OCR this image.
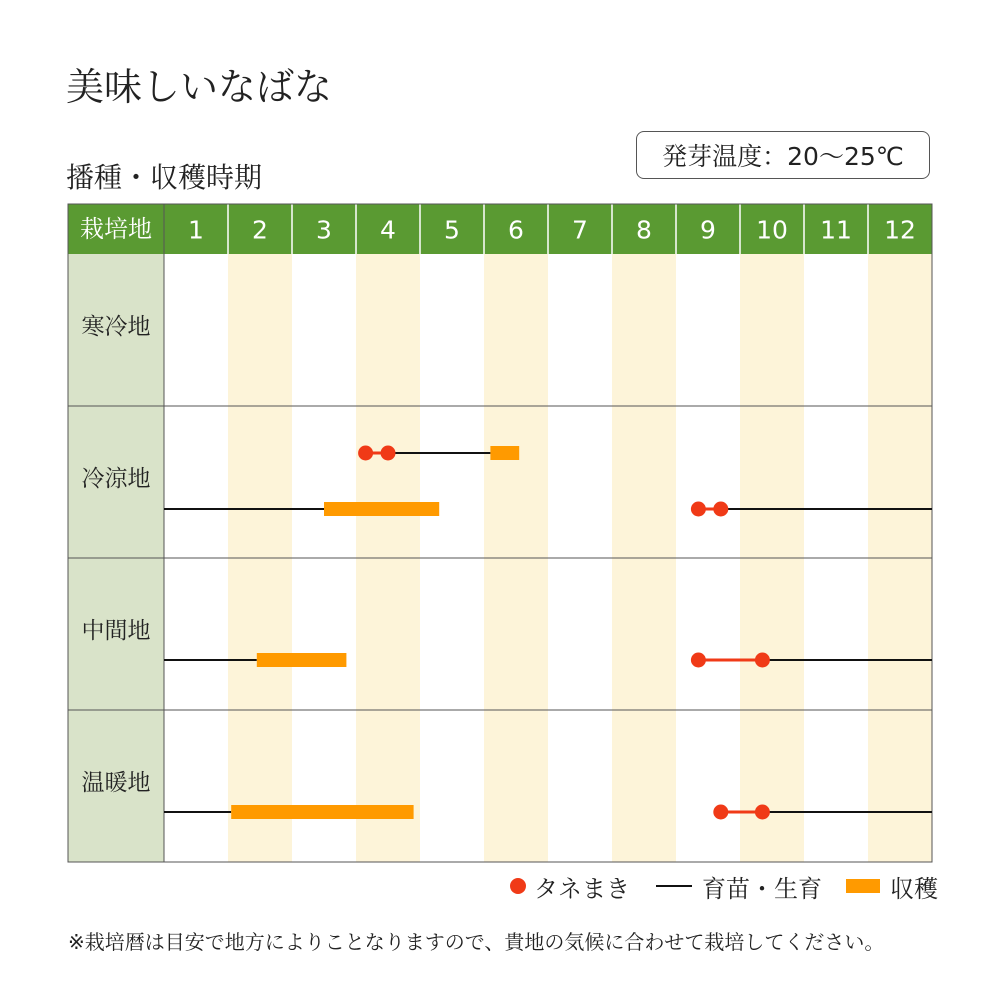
美味しいなばな
播種・収穫時期
発芽温度：20〜25℃
栽培地 1 2 3 4 5 6 7 8 9 10 11 12
寒冷地
冷涼地
中間地
温暖地
タネまき	育苗・生育	収穫
※栽培暦は目安で地方によりことなりますので、貴地の気候に合わせて栽培してください。
